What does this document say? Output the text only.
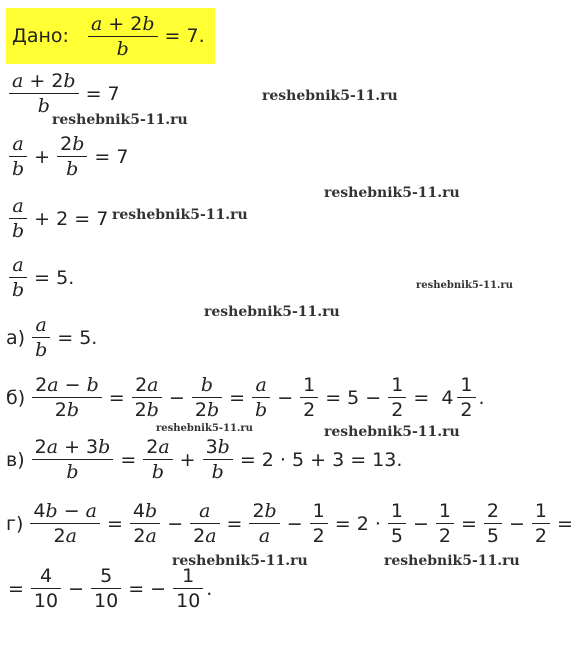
Дано: $\frac{a + 2b}{b} = 7$.
$\frac{a + 2b}{b} = 7$
$\frac{a}{b} + \frac{2b}{b} = 7$
$\frac{a}{b} + 2 = 7$
$\frac{a}{b} = 5$.
$а) \frac{a}{b} = 5$.
$б) \frac{2a - b}{2b} = \frac{2a}{2b} - \frac{b}{2b} = \frac{a}{b} - \frac{1}{2} = 5 - \frac{1}{2} = 4 \frac{1}{2}$ .
$в) \frac{2a + 3b}{b} = \frac{2a}{b} + \frac{3b}{b} = 2 \cdot 5 + 3 = 13$.
$г) \frac{4b - a}{2a} = \frac{4b}{2a} - \frac{a}{2a} = \frac{2b}{a} - \frac{1}{2} = 2 \cdot \frac{1}{5} - \frac{1}{2} = \frac{2}{5} - \frac{1}{2}$ =
= $\frac{4}{10} - \frac{5}{10}$ = − $\frac{1}{10}$ .
reshebnik5-11.ru
reshebnik5-11.ru
reshebnik5-11.ru
reshebnik5-11.ru
reshebnik5-11.ru
reshebnik5-11.ru
reshebnik5-11.ru	reshebnik5-11.ru
reshebnik5-11.ru	reshebnik5-11.ru
